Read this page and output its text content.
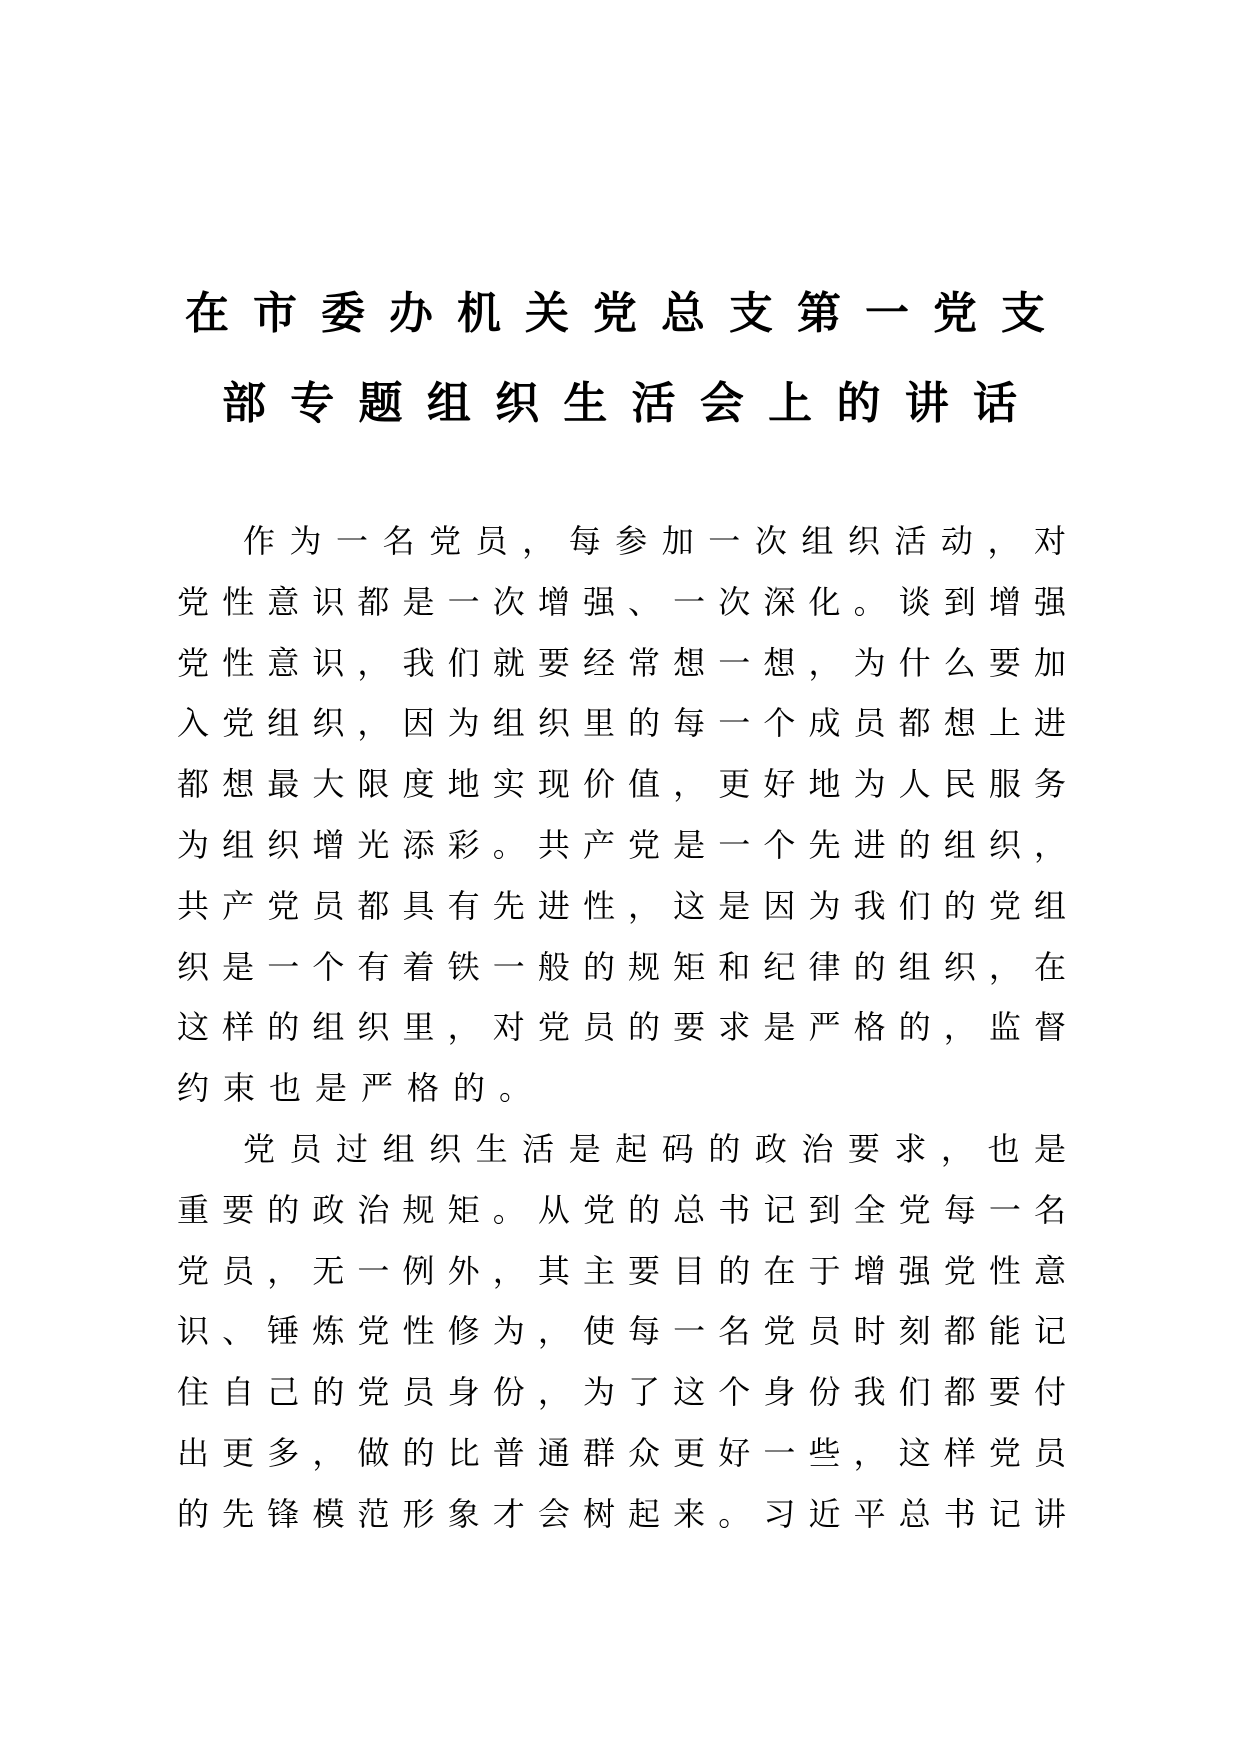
在市委办机关党总支第一党支
部专题组织生活会上的讲话
作为一名党员，每参加一次组织活动，对
党性意识都是一次增强、一次深化。谈到增强
党性意识，我们就要经常想一想，为什么要加
入党组织，因为组织里的每一个成员都想上进
都想最大限度地实现价值，更好地为人民服务
为组织增光添彩。共产党是一个先进的组织，
共产党员都具有先进性，这是因为我们的党组
织是一个有着铁一般的规矩和纪律的组织，在
这样的组织里，对党员的要求是严格的，监督
约束也是严格的。
党员过组织生活是起码的政治要求，也是
重要的政治规矩。从党的总书记到全党每一名
党员，无一例外，其主要目的在于增强党性意
识、锤炼党性修为，使每一名党员时刻都能记
住自己的党员身份，为了这个身份我们都要付
出更多，做的比普通群众更好一些，这样党员
的先锋模范形象才会树起来。习近平总书记讲
